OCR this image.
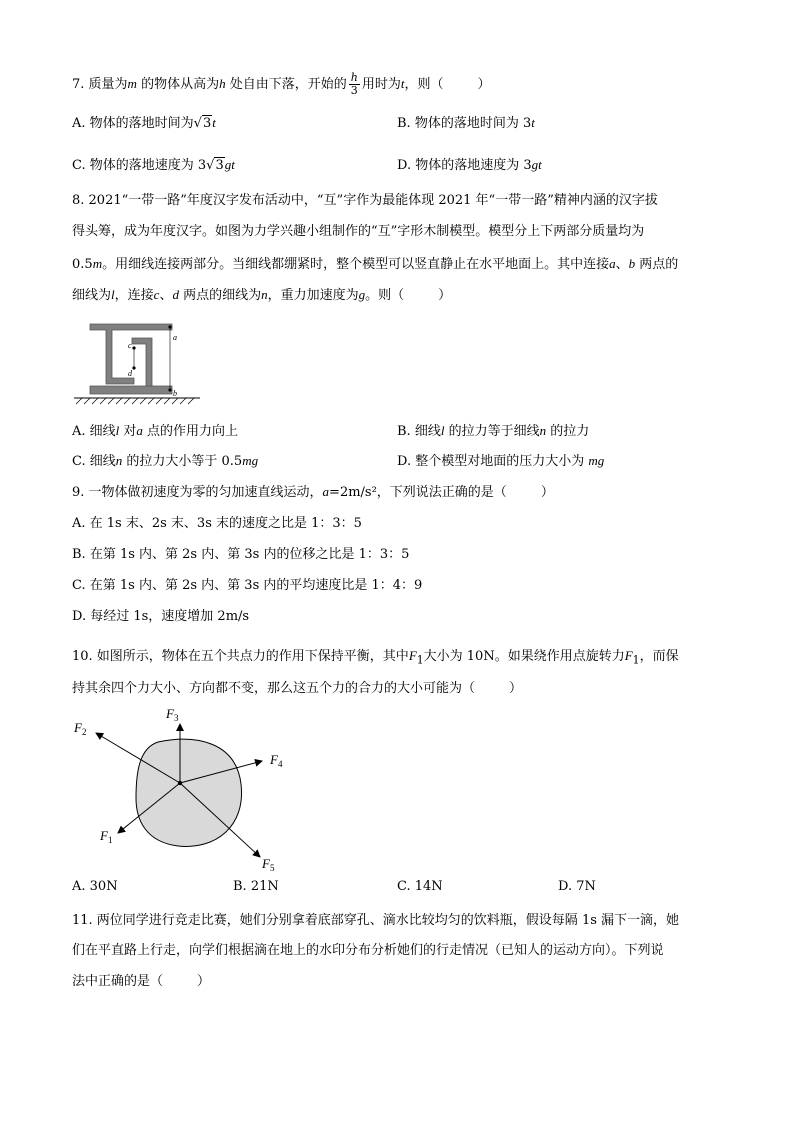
7. 质量为m 的物体从高为h 处自由下落，开始的 $\frac{h}{3}$ 用时为t，则（	）
A. 物体的落地时间为√3t	B. 物体的落地时间为 3t
C. 物体的落地速度为 3√3gt	D. 物体的落地速度为 3gt
8. 2021“一带一路”年度汉字发布活动中，“互”字作为最能体现 2021 年“一带一路”精神内涵的汉字拔
得头筹，成为年度汉字。如图为力学兴趣小组制作的“互”字形木制模型。模型分上下两部分质量均为
0.5m。用细线连接两部分。当细线都绷紧时，整个模型可以竖直静止在水平地面上。其中连接a、b 两点的
细线为l，连接c、d 两点的细线为n，重力加速度为g。则（	）
a
b
c
d
A. 细线l 对a 点的作用力向上	B. 细线l 的拉力等于细线n 的拉力
C. 细线n 的拉力大小等于 0.5mg	D. 整个模型对地面的压力大小为 mg
9. 一物体做初速度为零的匀加速直线运动，a=2m/s²，下列说法正确的是（	）
A. 在 1s 末、2s 末、3s 末的速度之比是 1：3：5
B. 在第 1s 内、第 2s 内、第 3s 内的位移之比是 1：3：5
C. 在第 1s 内、第 2s 内、第 3s 内的平均速度比是 1：4：9
D. 每经过 1s，速度增加 2m/s
10. 如图所示，物体在五个共点力的作用下保持平衡，其中$F_1$大小为 10N。如果绕作用点旋转力$F_1$，而保
持其余四个力大小、方向都不变，那么这五个力的合力的大小可能为（	）
$F_3$
$F_2$
$F_4$
$F_1$
$F_5$
A. 30N	B. 21N	C. 14N	D. 7N
11. 两位同学进行竞走比赛，她们分别拿着底部穿孔、滴水比较均匀的饮料瓶，假设每隔 1s 漏下一滴，她
们在平直路上行走，向学们根据滴在地上的水印分布分析她们的行走情况（已知人的运动方向）。下列说
法中正确的是（	）
